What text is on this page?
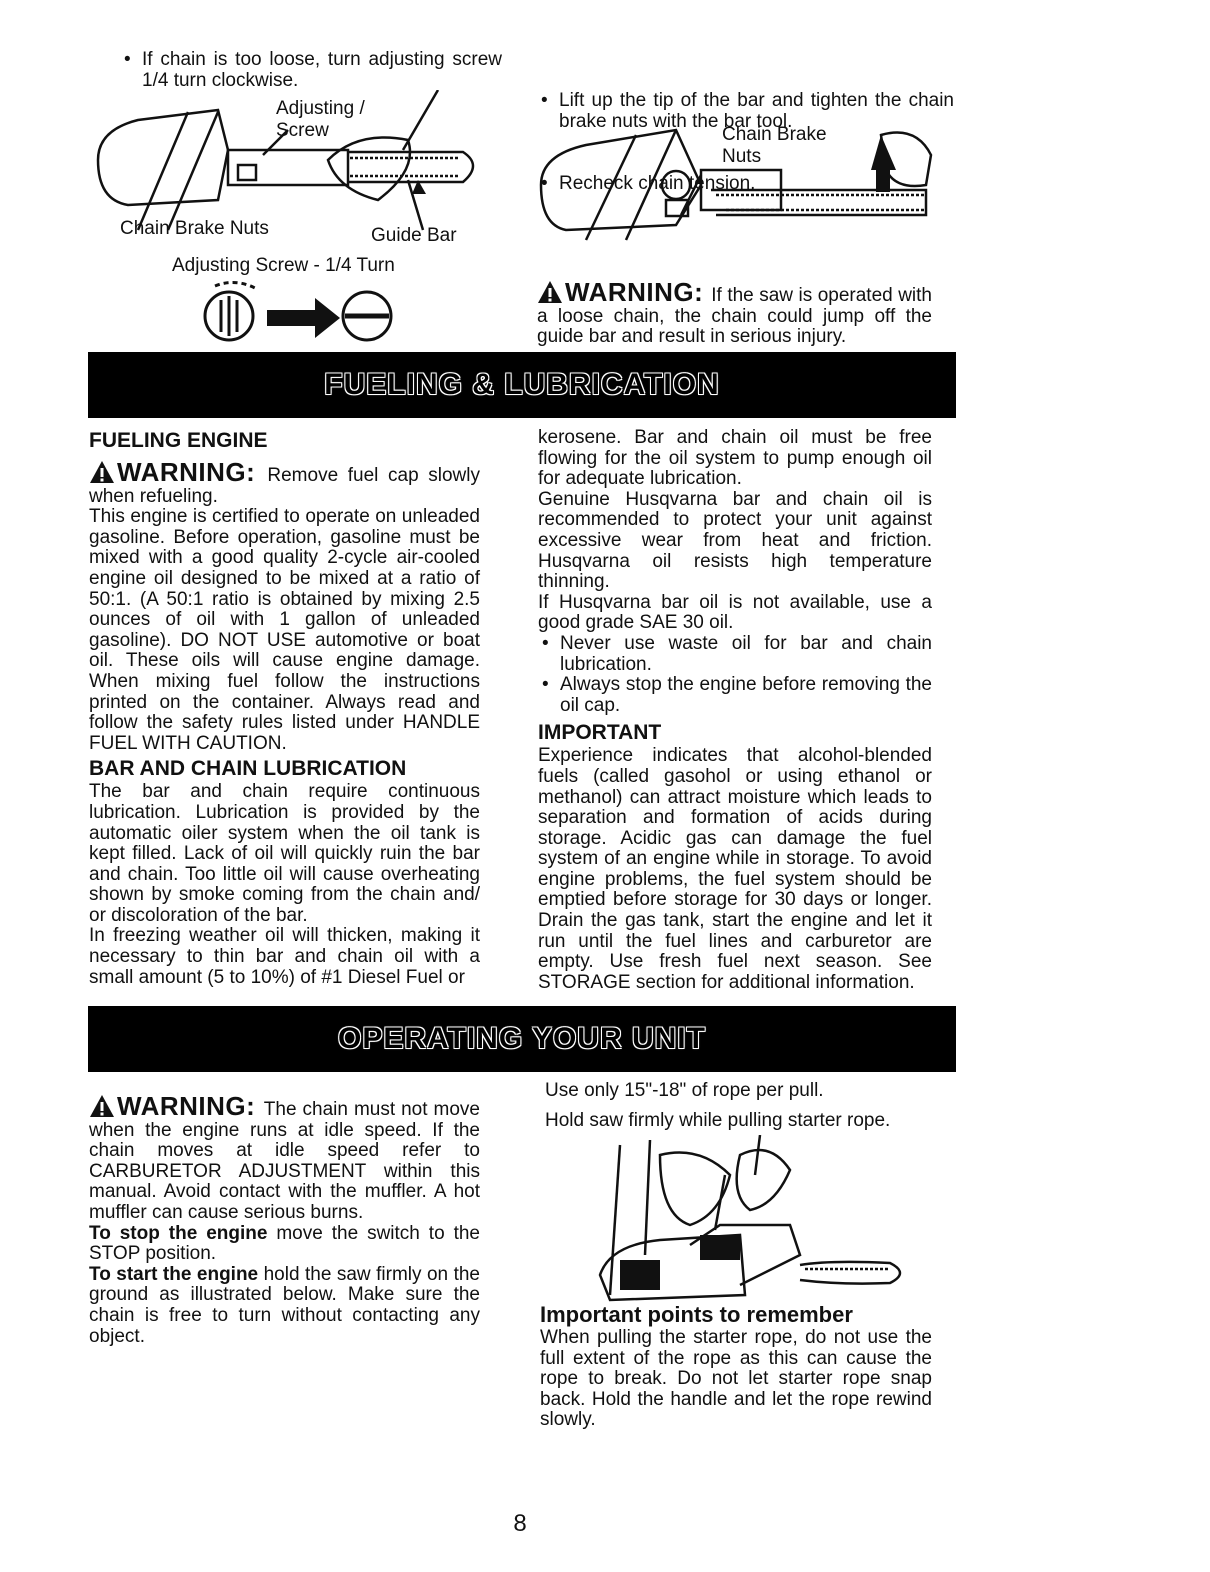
• If chain is too loose, turn adjusting screw 1/4 turn clockwise.
Adjusting / Screw
Chain Brake Nuts	Guide Bar
Adjusting Screw - 1/4 Turn
• Lift up the tip of the bar and tighten the chain brake nuts with the bar tool.
• Recheck chain tension.
Chain Brake Nuts
WARNING: If the saw is operated with a loose chain, the chain could jump off the guide bar and result in serious injury.
FUELING & LUBRICATION

FUELING ENGINE

WARNING: Remove fuel cap slowly when refueling.

This engine is certified to operate on unleaded gasoline. Before operation, gasoline must be mixed with a good quality 2-cycle air-cooled engine oil designed to be mixed at a ratio of 50:1. (A 50:1 ratio is obtained by mixing 2.5 ounces of oil with 1 gallon of unleaded gasoline). DO NOT USE automotive or boat oil. These oils will cause engine damage. When mixing fuel follow the instructions printed on the container. Always read and follow the safety rules listed under HANDLE FUEL WITH CAUTION.

BAR AND CHAIN LUBRICATION

The bar and chain require continuous lubrication. Lubrication is provided by the automatic oiler system when the oil tank is kept filled. Lack of oil will quickly ruin the bar and chain. Too little oil will cause overheating shown by smoke coming from the chain and/ or discoloration of the bar.

In freezing weather oil will thicken, making it necessary to thin bar and chain oil with a small amount (5 to 10%) of #1 Diesel Fuel or

kerosene. Bar and chain oil must be free flowing for the oil system to pump enough oil for adequate lubrication.

Genuine Husqvarna bar and chain oil is recommended to protect your unit against excessive wear from heat and friction. Husqvarna oil resists high temperature thinning.

If Husqvarna bar oil is not available, use a good grade SAE 30 oil.

• Never use waste oil for bar and chain lubrication.

• Always stop the engine before removing the oil cap.

IMPORTANT

Experience indicates that alcohol-blended fuels (called gasohol or using ethanol or methanol) can attract moisture which leads to separation and formation of acids during storage. Acidic gas can damage the fuel system of an engine while in storage. To avoid engine problems, the fuel system should be emptied before storage for 30 days or longer. Drain the gas tank, start the engine and let it run until the fuel lines and carburetor are empty. Use fresh fuel next season. See STORAGE section for additional information.

OPERATING YOUR UNIT

WARNING: The chain must not move when the engine runs at idle speed. If the chain moves at idle speed refer to CARBURETOR ADJUSTMENT within this manual. Avoid contact with the muffler. A hot muffler can cause serious burns.

To stop the engine move the switch to the STOP position.

To start the engine hold the saw firmly on the ground as illustrated below. Make sure the chain is free to turn without contacting any object.

Use only 15"-18" of rope per pull.
Hold saw firmly while pulling starter rope.

Important points to remember

When pulling the starter rope, do not use the full extent of the rope as this can cause the rope to break. Do not let starter rope snap back. Hold the handle and let the rope rewind slowly.

8
